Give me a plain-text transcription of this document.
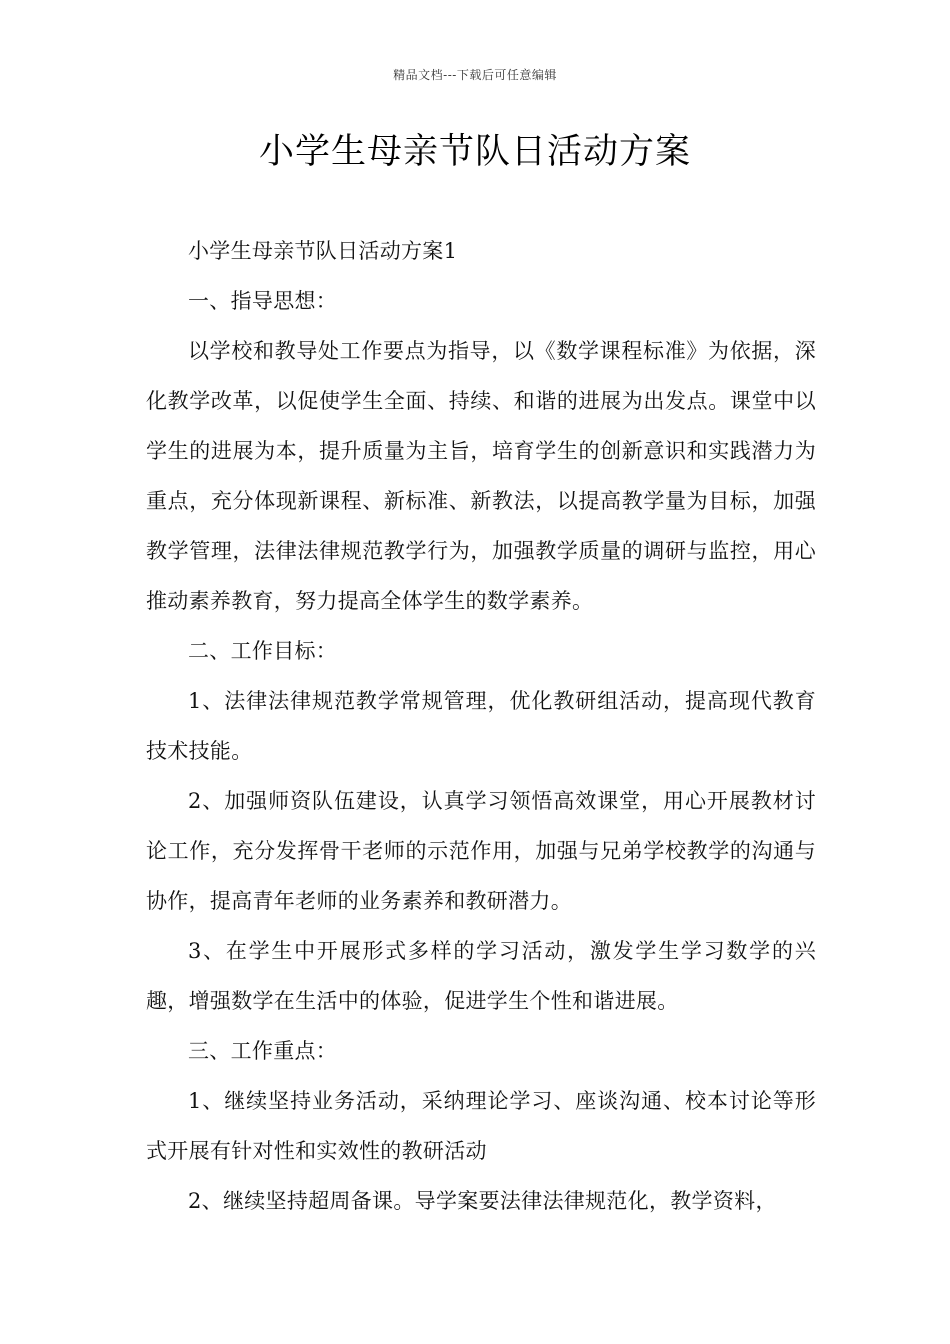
精品文档---下载后可任意编辑
小学生母亲节队日活动方案

小学生母亲节队日活动方案1

一、指导思想：

以学校和教导处工作要点为指导，以《数学课程标准》为依据，深化教学改革，以促使学生全面、持续、和谐的进展为出发点。课堂中以学生的进展为本，提升质量为主旨，培育学生的创新意识和实践潜力为重点，充分体现新课程、新标准、新教法，以提高教学量为目标，加强教学管理，法律法律规范教学行为，加强教学质量的调研与监控，用心推动素养教育，努力提高全体学生的数学素养。

二、工作目标：

1、法律法律规范教学常规管理，优化教研组活动，提高现代教育技术技能。

2、加强师资队伍建设，认真学习领悟高效课堂，用心开展教材讨论工作，充分发挥骨干老师的示范作用，加强与兄弟学校教学的沟通与协作，提高青年老师的业务素养和教研潜力。

3、在学生中开展形式多样的学习活动，激发学生学习数学的兴趣，增强数学在生活中的体验，促进学生个性和谐进展。

三、工作重点：

1、继续坚持业务活动，采纳理论学习、座谈沟通、校本讨论等形式开展有针对性和实效性的教研活动

2、继续坚持超周备课。导学案要法律法律规范化，教学资料，
